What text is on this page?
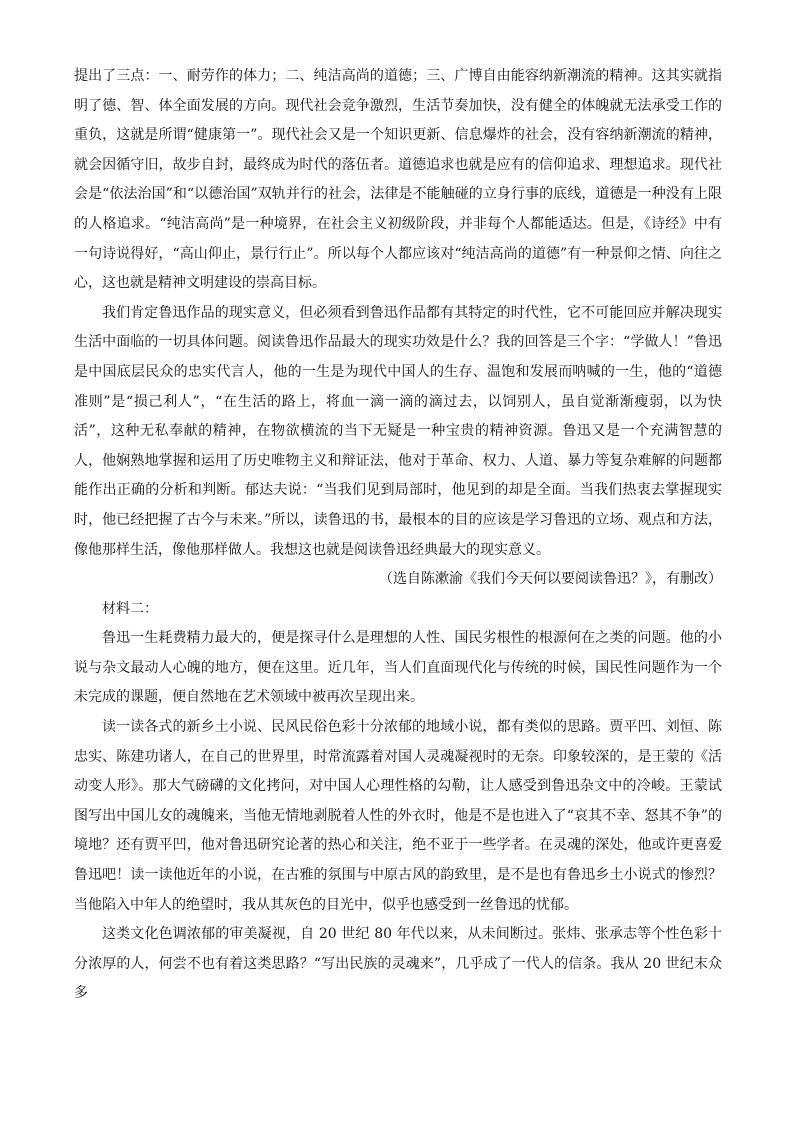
提出了三点：一、耐劳作的体力；二、纯洁高尚的道德；三、广博自由能容纳新潮流的精神。这其实就指明了德、智、体全面发展的方向。现代社会竞争激烈，生活节奏加快，没有健全的体魄就无法承受工作的重负，这就是所谓“健康第一”。现代社会又是一个知识更新、信息爆炸的社会，没有容纳新潮流的精神，就会因循守旧，故步自封，最终成为时代的落伍者。道德追求也就是应有的信仰追求、理想追求。现代社会是“依法治国”和“以德治国”双轨并行的社会，法律是不能触碰的立身行事的底线，道德是一种没有上限的人格追求。“纯洁高尚”是一种境界，在社会主义初级阶段，并非每个人都能适达。但是，《诗经》中有一句诗说得好，“高山仰止，景行行止”。所以每个人都应该对“纯洁高尚的道德”有一种景仰之情、向往之心，这也就是精神文明建设的崇高目标。

我们肯定鲁迅作品的现实意义，但必须看到鲁迅作品都有其特定的时代性，它不可能回应并解决现实生活中面临的一切具体问题。阅读鲁迅作品最大的现实功效是什么？我的回答是三个字：“学做人！”鲁迅是中国底层民众的忠实代言人，他的一生是为现代中国人的生存、温饱和发展而呐喊的一生，他的“道德准则”是“损己利人”，“在生活的路上，将血一滴一滴的滴过去，以饲别人，虽自觉渐渐瘦弱，以为快活”，这种无私奉献的精神，在物欲横流的当下无疑是一种宝贵的精神资源。鲁迅又是一个充满智慧的人，他娴熟地掌握和运用了历史唯物主义和辩证法，他对于革命、权力、人道、暴力等复杂难解的问题都能作出正确的分析和判断。郁达夫说：“当我们见到局部时，他见到的却是全面。当我们热衷去掌握现实时，他已经把握了古今与未来。”所以，读鲁迅的书，最根本的目的应该是学习鲁迅的立场、观点和方法，像他那样生活，像他那样做人。我想这也就是阅读鲁迅经典最大的现实意义。

（选自陈漱渝《我们今天何以要阅读鲁迅？》，有删改）

材料二：

鲁迅一生耗费精力最大的，便是探寻什么是理想的人性、国民劣根性的根源何在之类的问题。他的小说与杂文最动人心魄的地方，便在这里。近几年，当人们直面现代化与传统的时候，国民性问题作为一个未完成的课题，便自然地在艺术领域中被再次呈现出来。

读一读各式的新乡土小说、民风民俗色彩十分浓郁的地域小说，都有类似的思路。贾平凹、刘恒、陈忠实、陈建功诸人，在自己的世界里，时常流露着对国人灵魂凝视时的无奈。印象较深的，是王蒙的《活动变人形》。那大气磅礴的文化拷问，对中国人心理性格的勾勒，让人感受到鲁迅杂文中的冷峻。王蒙试图写出中国儿女的魂魄来，当他无情地剥脱着人性的外衣时，他是不是也进入了“哀其不幸、怒其不争”的境地？还有贾平凹，他对鲁迅研究论著的热心和关注，绝不亚于一些学者。在灵魂的深处，他或许更喜爱鲁迅吧！读一读他近年的小说，在古雅的氛围与中原古风的韵致里，是不是也有鲁迅乡土小说式的惨烈？当他陷入中年人的绝望时，我从其灰色的目光中，似乎也感受到一丝鲁迅的忧郁。

这类文化色调浓郁的审美凝视，自 20 世纪 80 年代以来，从未间断过。张炜、张承志等个性色彩十分浓厚的人，何尝不也有着这类思路？“写出民族的灵魂来”，几乎成了一代人的信条。我从 20 世纪末众多
